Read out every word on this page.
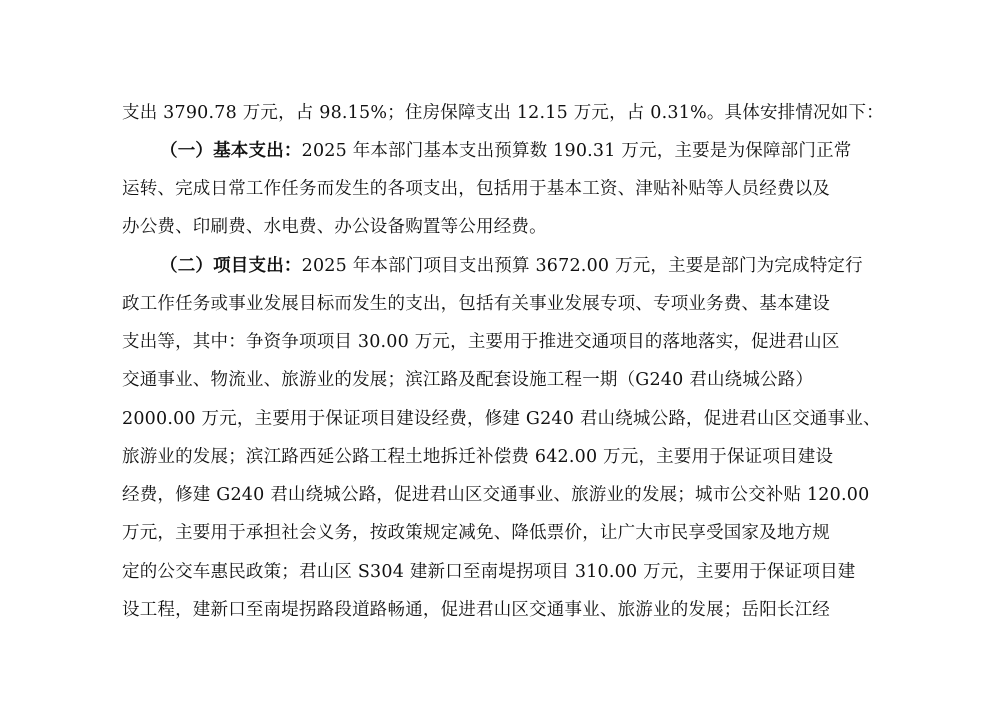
支出 3790.78 万元，占 98.15%；住房保障支出 12.15 万元，占 0.31%。具体安排情况如下：
（一）基本支出：2025 年本部门基本支出预算数 190.31 万元，主要是为保障部门正常
运转、完成日常工作任务而发生的各项支出，包括用于基本工资、津贴补贴等人员经费以及
办公费、印刷费、水电费、办公设备购置等公用经费。
（二）项目支出：2025 年本部门项目支出预算 3672.00 万元，主要是部门为完成特定行
政工作任务或事业发展目标而发生的支出，包括有关事业发展专项、专项业务费、基本建设
支出等，其中：争资争项项目 30.00 万元，主要用于推进交通项目的落地落实，促进君山区
交通事业、物流业、旅游业的发展；滨江路及配套设施工程一期（G240 君山绕城公路）
2000.00 万元，主要用于保证项目建设经费，修建 G240 君山绕城公路，促进君山区交通事业、
旅游业的发展；滨江路西延公路工程土地拆迁补偿费 642.00 万元，主要用于保证项目建设
经费，修建 G240 君山绕城公路，促进君山区交通事业、旅游业的发展；城市公交补贴 120.00
万元，主要用于承担社会义务，按政策规定减免、降低票价，让广大市民享受国家及地方规
定的公交车惠民政策；君山区 S304 建新口至南堤拐项目 310.00 万元，主要用于保证项目建
设工程，建新口至南堤拐路段道路畅通，促进君山区交通事业、旅游业的发展；岳阳长江经
